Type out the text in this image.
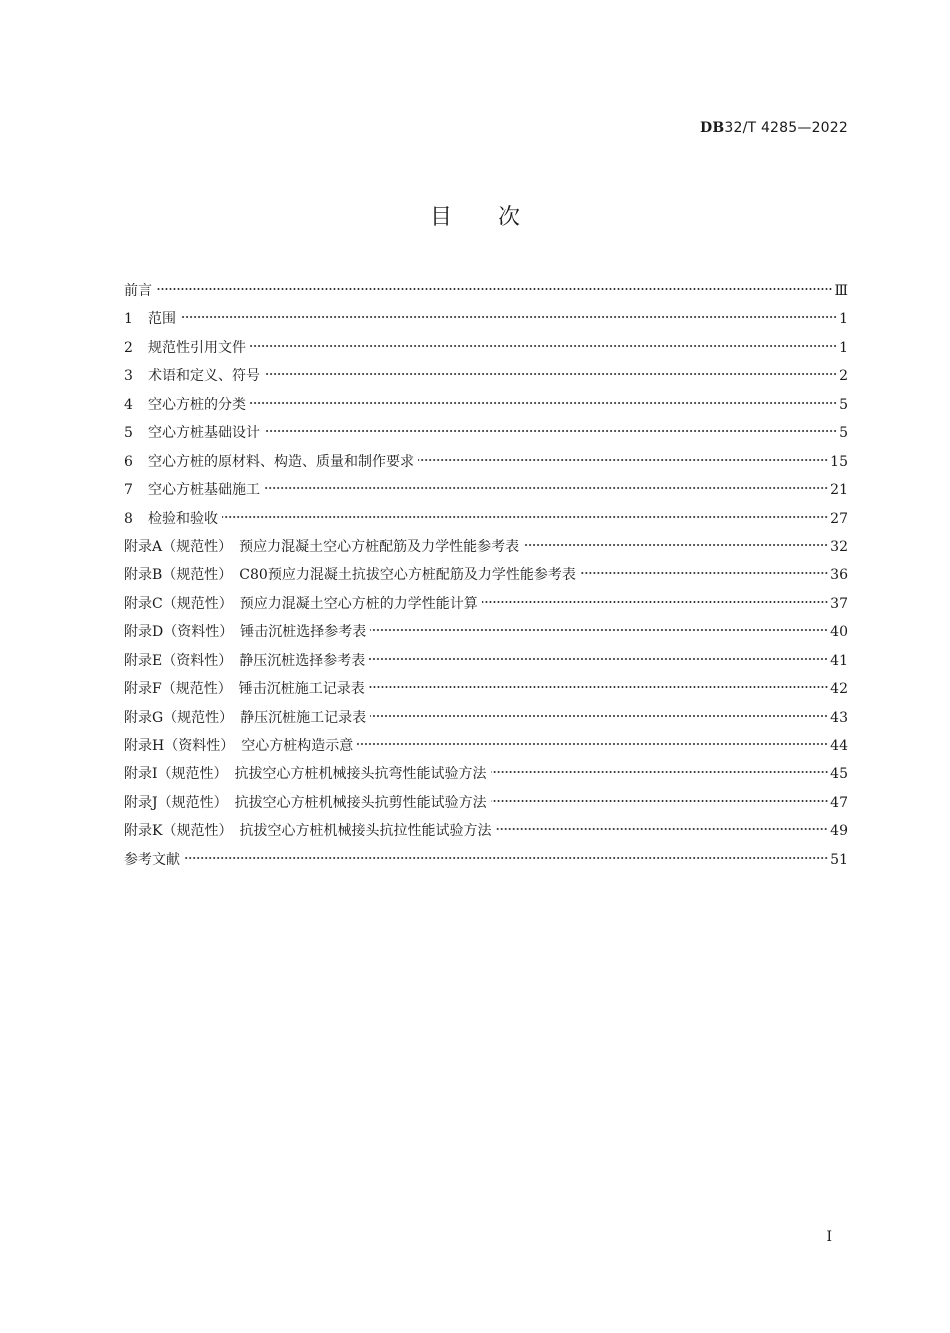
DB32/T 4285—2022
目次
前言	Ⅲ
1	范围	1
2	规范性引用文件	1
3	术语和定义、符号	2
4	空心方桩的分类	5
5	空心方桩基础设计	5
6	空心方桩的原材料、构造、质量和制作要求	15
7	空心方桩基础施工	21
8	检验和验收	27
附录A（规范性）　预应力混凝土空心方桩配筋及力学性能参考表	32
附录B（规范性）　C80预应力混凝土抗拔空心方桩配筋及力学性能参考表	36
附录C（规范性）　预应力混凝土空心方桩的力学性能计算	37
附录D（资料性）　锤击沉桩选择参考表	40
附录E（资料性）　静压沉桩选择参考表	41
附录F（规范性）　锤击沉桩施工记录表	42
附录G（规范性）　静压沉桩施工记录表	43
附录H（资料性）　空心方桩构造示意	44
附录I（规范性）　抗拔空心方桩机械接头抗弯性能试验方法	45
附录J（规范性）　抗拔空心方桩机械接头抗剪性能试验方法	47
附录K（规范性）　抗拔空心方桩机械接头抗拉性能试验方法	49
参考文献	51
Ⅰ
